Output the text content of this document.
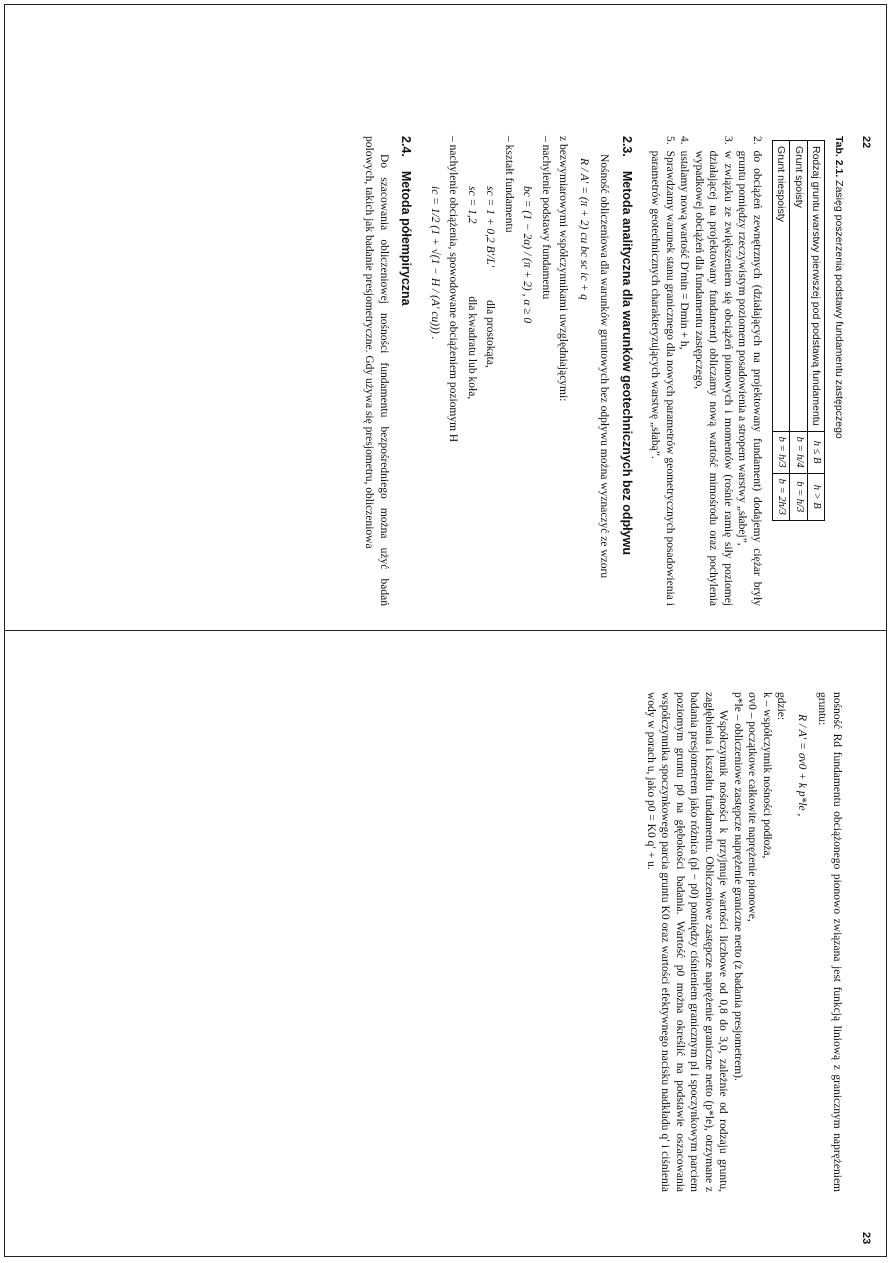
22

Tab. 2.1. Zasięg poszerzenia podstawy fundamentu zastępczego

Rodzaj gruntu warstwy pierwszej pod podstawą fundamentu	h ≤ B	h > B
Grunt spoisty	b = h/4	b = h/3
Grunt niespoisty	b = h/3	b = 2h/3
2.
do obciążeń zewnętrznych (działających na projektowany fundament) dodajemy ciężar bryły gruntu pomiędzy rzeczywistym poziomem posadowienia a stropem warstwy „słabej”,
3.
w związku ze zwiększeniem się obciążeń pionowych i momentów (rośnie ramię siły poziomej działającej na projektowany fundament) obliczamy nową wartość mimośrodu oraz pochylenia wypadkowej obciążeń dla fundamentu zastępczego,
4.
ustalamy nową wartość D′min = Dmin + h,
5.
Sprawdzamy warunek stanu granicznego dla nowych parametrów geometrycznych posadowienia i parametrów geotechnicznych charakteryzujących warstwę „słabą”.
2.3.
Metoda analityczna dla warunków geotechnicznych bez odpływu

Nośność obliczeniowa dla warunków gruntowych bez odpływu można wyznaczyć ze wzoru

R / A′ = (π + 2) cu bc sc ic + q

z bezwymiarowymi współczynnikami uwzględniającymi:

– nachylenie podstawy fundamentu
bc = (1 − 2α) / (π + 2) , α ≥ 0
– kształt fundamentu
sc = 1 + 0,2 B′/L′ dla prostokąta,
sc = 1,2 dla kwadratu lub koła,
– nachylenie obciążenia, spowodowane obciążeniem poziomym H
ic = 1/2 (1 + √(1 − H / (A′ cu))) .
2.4.
Metoda półempiryczna

Do szacowania obliczeniowej nośności fundamentu bezpośredniego można użyć badań polowych, takich jak badanie presjometryczne. Gdy używa się presjometru, obliczeniowa

23

nośność Rd fundamentu obciążonego pionowo związana jest funkcją liniową z granicznym naprężeniem gruntu:

R / A′ = σv0 + k p*le ,

gdzie:

k – współczynnik nośności podłoża,
σv0 – początkowe całkowite naprężenie pionowe,
p*le – obliczeniowe zastępcze naprężenie graniczne netto (z badania presjometrem).

Współczynnik nośności k przyjmuje wartości liczbowe od 0,8 do 3,0, zależnie od rodzaju gruntu, zagłębienia i kształtu fundamentu. Obliczeniowe zastępcze naprężenie graniczne netto (p*le), otrzymane z badania presjometrem jako różnica (pl − p0) pomiędzy ciśnieniem granicznym pl i spoczynkowym parciem poziomym gruntu p0 na głębokości badania. Wartość p0 można określić na podstawie oszacowania współczynnika spoczynkowego parcia gruntu K0 oraz wartości efektywnego nacisku nadkładu q′ i ciśnienia wody w porach u, jako p0 = K0 q′ + u.
